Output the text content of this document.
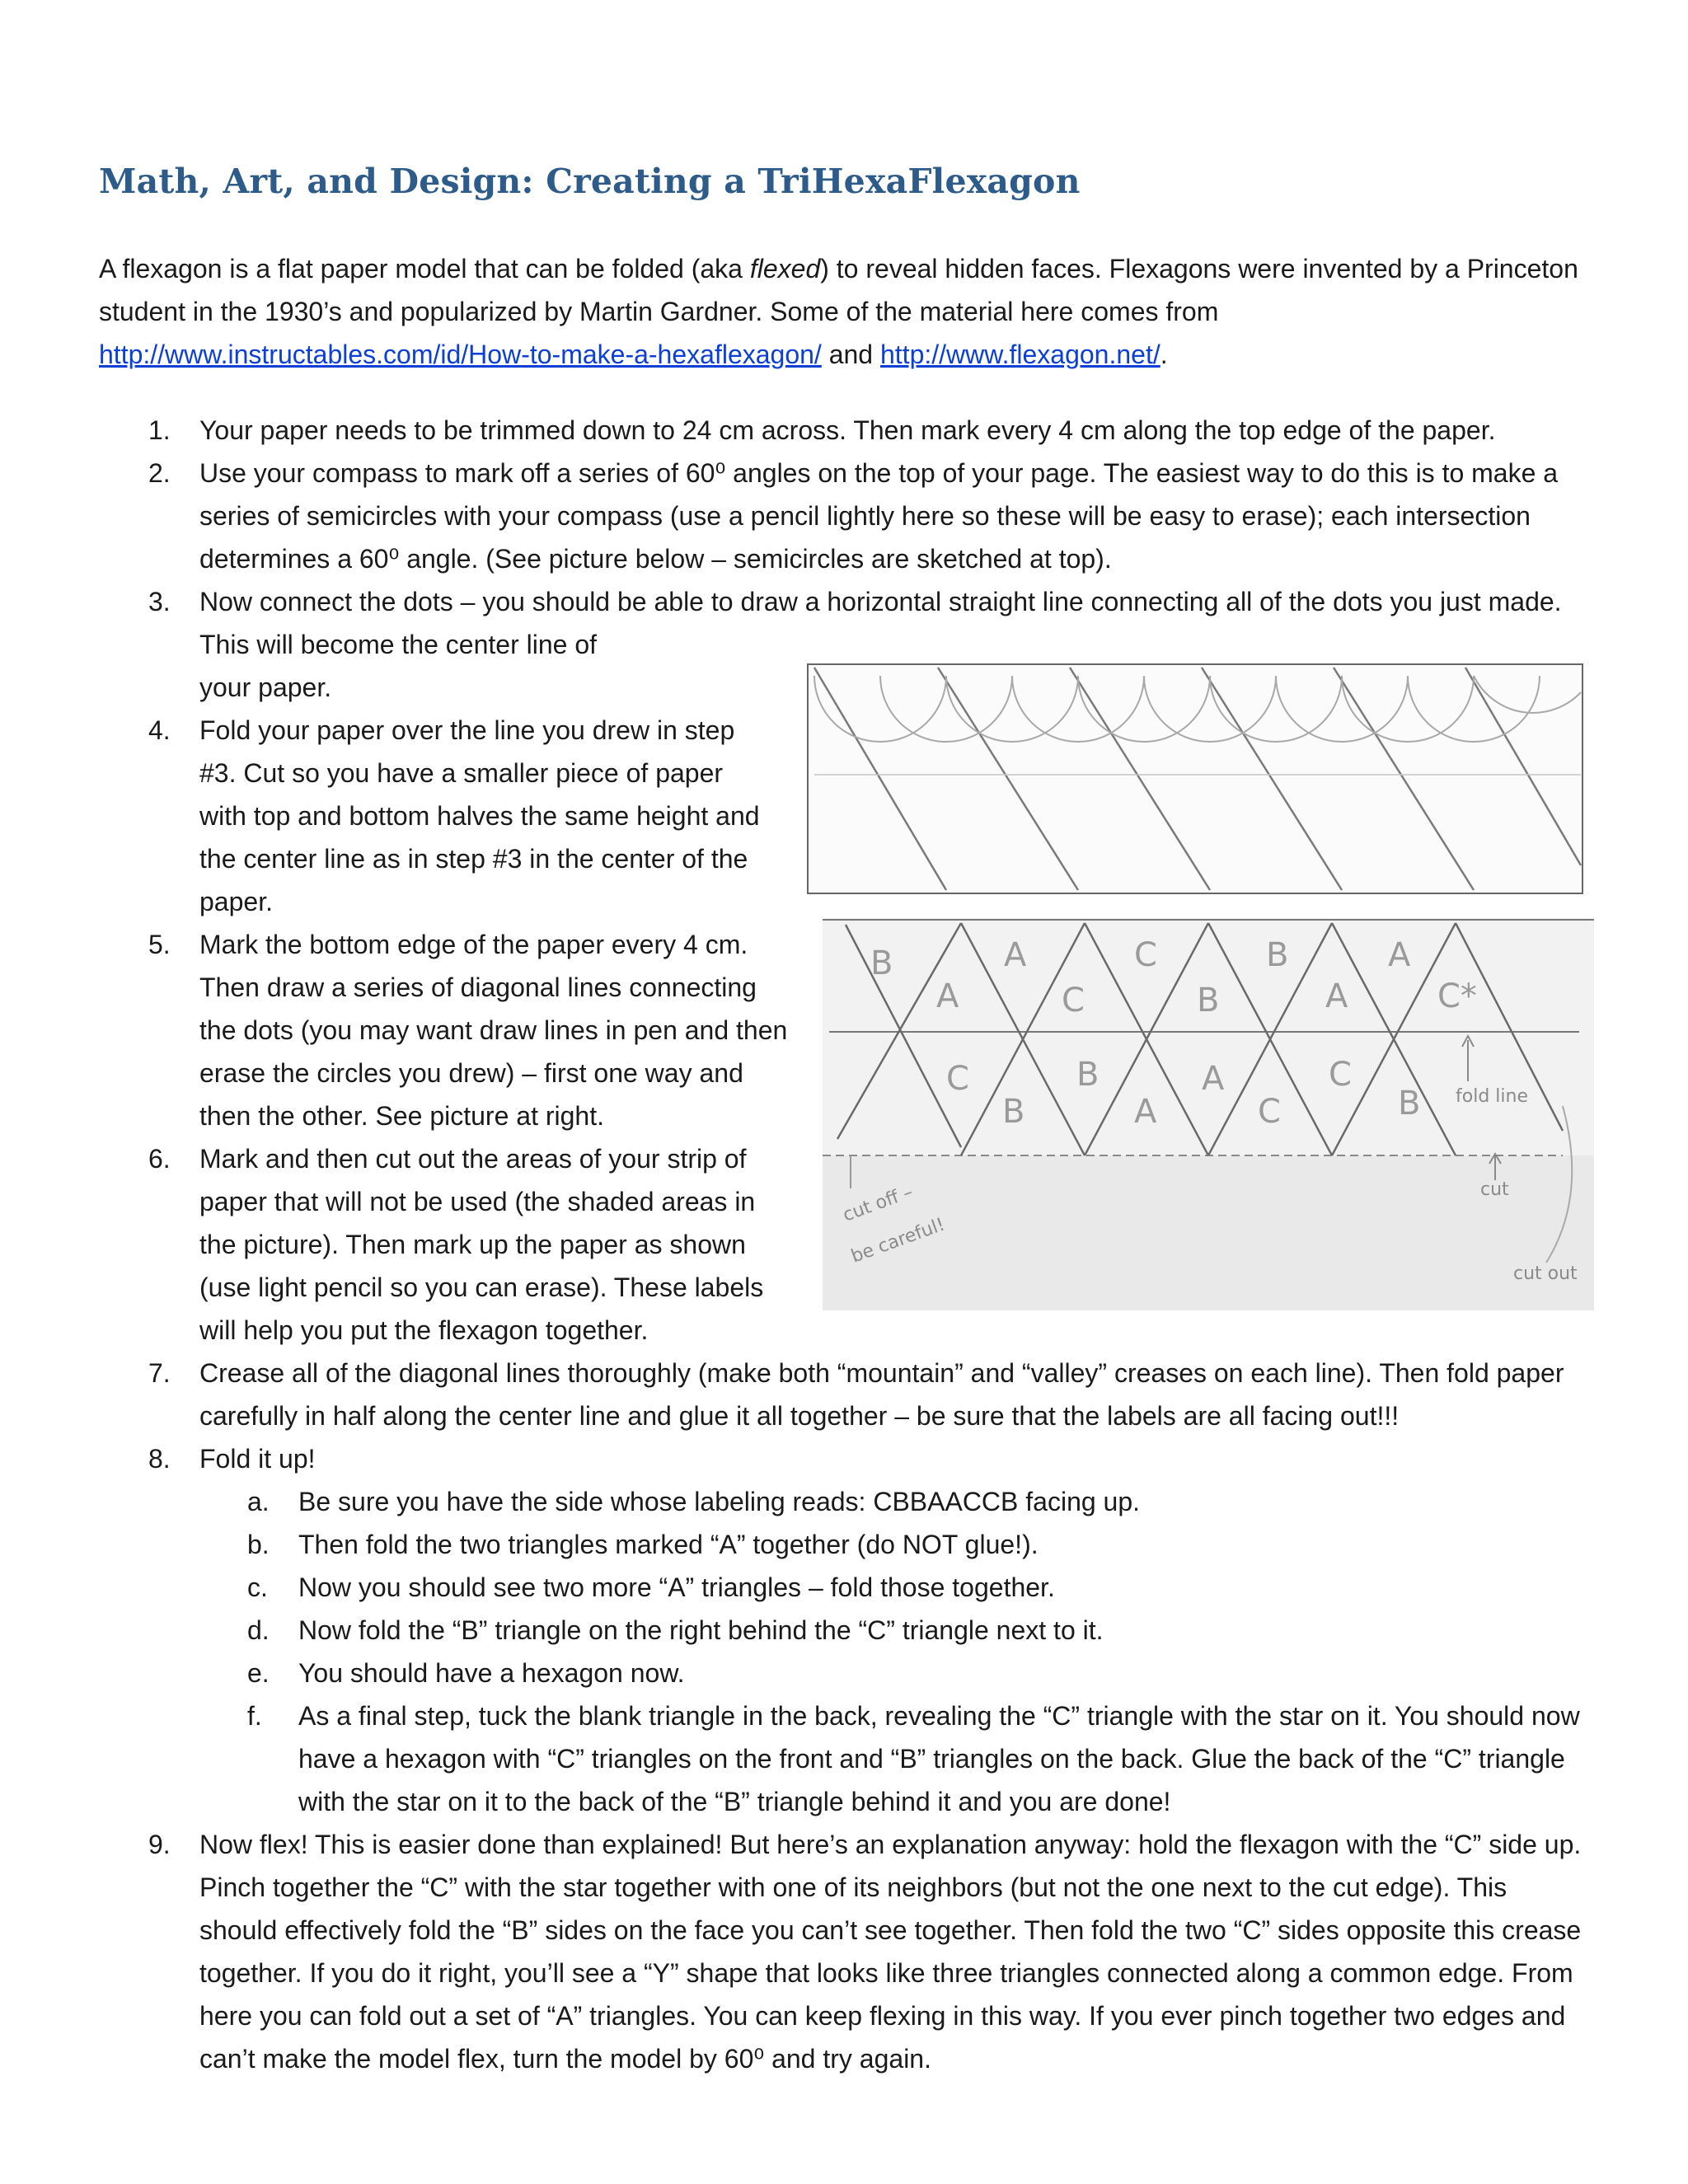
Math, Art, and Design: Creating a TriHexaFlexagon

A flexagon is a flat paper model that can be folded (aka flexed) to reveal hidden faces. Flexagons were invented by a Princeton student in the 1930’s and popularized by Martin Gardner. Some of the material here comes from http://www.instructables.com/id/How-to-make-a-hexaflexagon/ and http://www.flexagon.net/.

1. Your paper needs to be trimmed down to 24 cm across. Then mark every 4 cm along the top edge of the paper.

2. Use your compass to mark off a series of 60⁰ angles on the top of your page. The easiest way to do this is to make a series of semicircles with your compass (use a pencil lightly here so these will be easy to erase); each intersection determines a 60⁰ angle. (See picture below – semicircles are sketched at top).

3. Now connect the dots – you should be able to draw a horizontal straight line connecting all of the dots you just made. This will become the center line of
your paper.

4. Fold your paper over the line you drew in step #3. Cut so you have a smaller piece of paper with top and bottom halves the same height and the center line as in step #3 in the center of the paper.

5. Mark the bottom edge of the paper every 4 cm. Then draw a series of diagonal lines connecting the dots (you may want draw lines in pen and then erase the circles you drew) – first one way and then the other. See picture at right.

6. Mark and then cut out the areas of your strip of paper that will not be used (the shaded areas in the picture). Then mark up the paper as shown (use light pencil so you can erase). These labels will help you put the flexagon together.

7. Crease all of the diagonal lines thoroughly (make both “mountain” and “valley” creases on each line). Then fold paper carefully in half along the center line and glue it all together – be sure that the labels are all facing out!!!

8. Fold it up!

a. Be sure you have the side whose labeling reads: CBBAACCB facing up.

b. Then fold the two triangles marked “A” together (do NOT glue!).

c. Now you should see two more “A” triangles – fold those together.

d. Now fold the “B” triangle on the right behind the “C” triangle next to it.

e. You should have a hexagon now.

f. As a final step, tuck the blank triangle in the back, revealing the “C” triangle with the star on it. You should now have a hexagon with “C” triangles on the front and “B” triangles on the back. Glue the back of the “C” triangle with the star on it to the back of the “B” triangle behind it and you are done!

9. Now flex! This is easier done than explained! But here’s an explanation anyway: hold the flexagon with the “C” side up. Pinch together the “C” with the star together with one of its neighbors (but not the one next to the cut edge). This should effectively fold the “B” sides on the face you can’t see together. Then fold the two “C” sides opposite this crease together. If you do it right, you’ll see a “Y” shape that looks like three triangles connected along a common edge. From here you can fold out a set of “A” triangles. You can keep flexing in this way. If you ever pinch together two edges and can’t make the model flex, turn the model by 60⁰ and try again.

B	A	C	B	A
A	C	B	A	C*
C	B	A	C
B
B	A	C	fold line
cut
cut off –
be careful!
cut out
